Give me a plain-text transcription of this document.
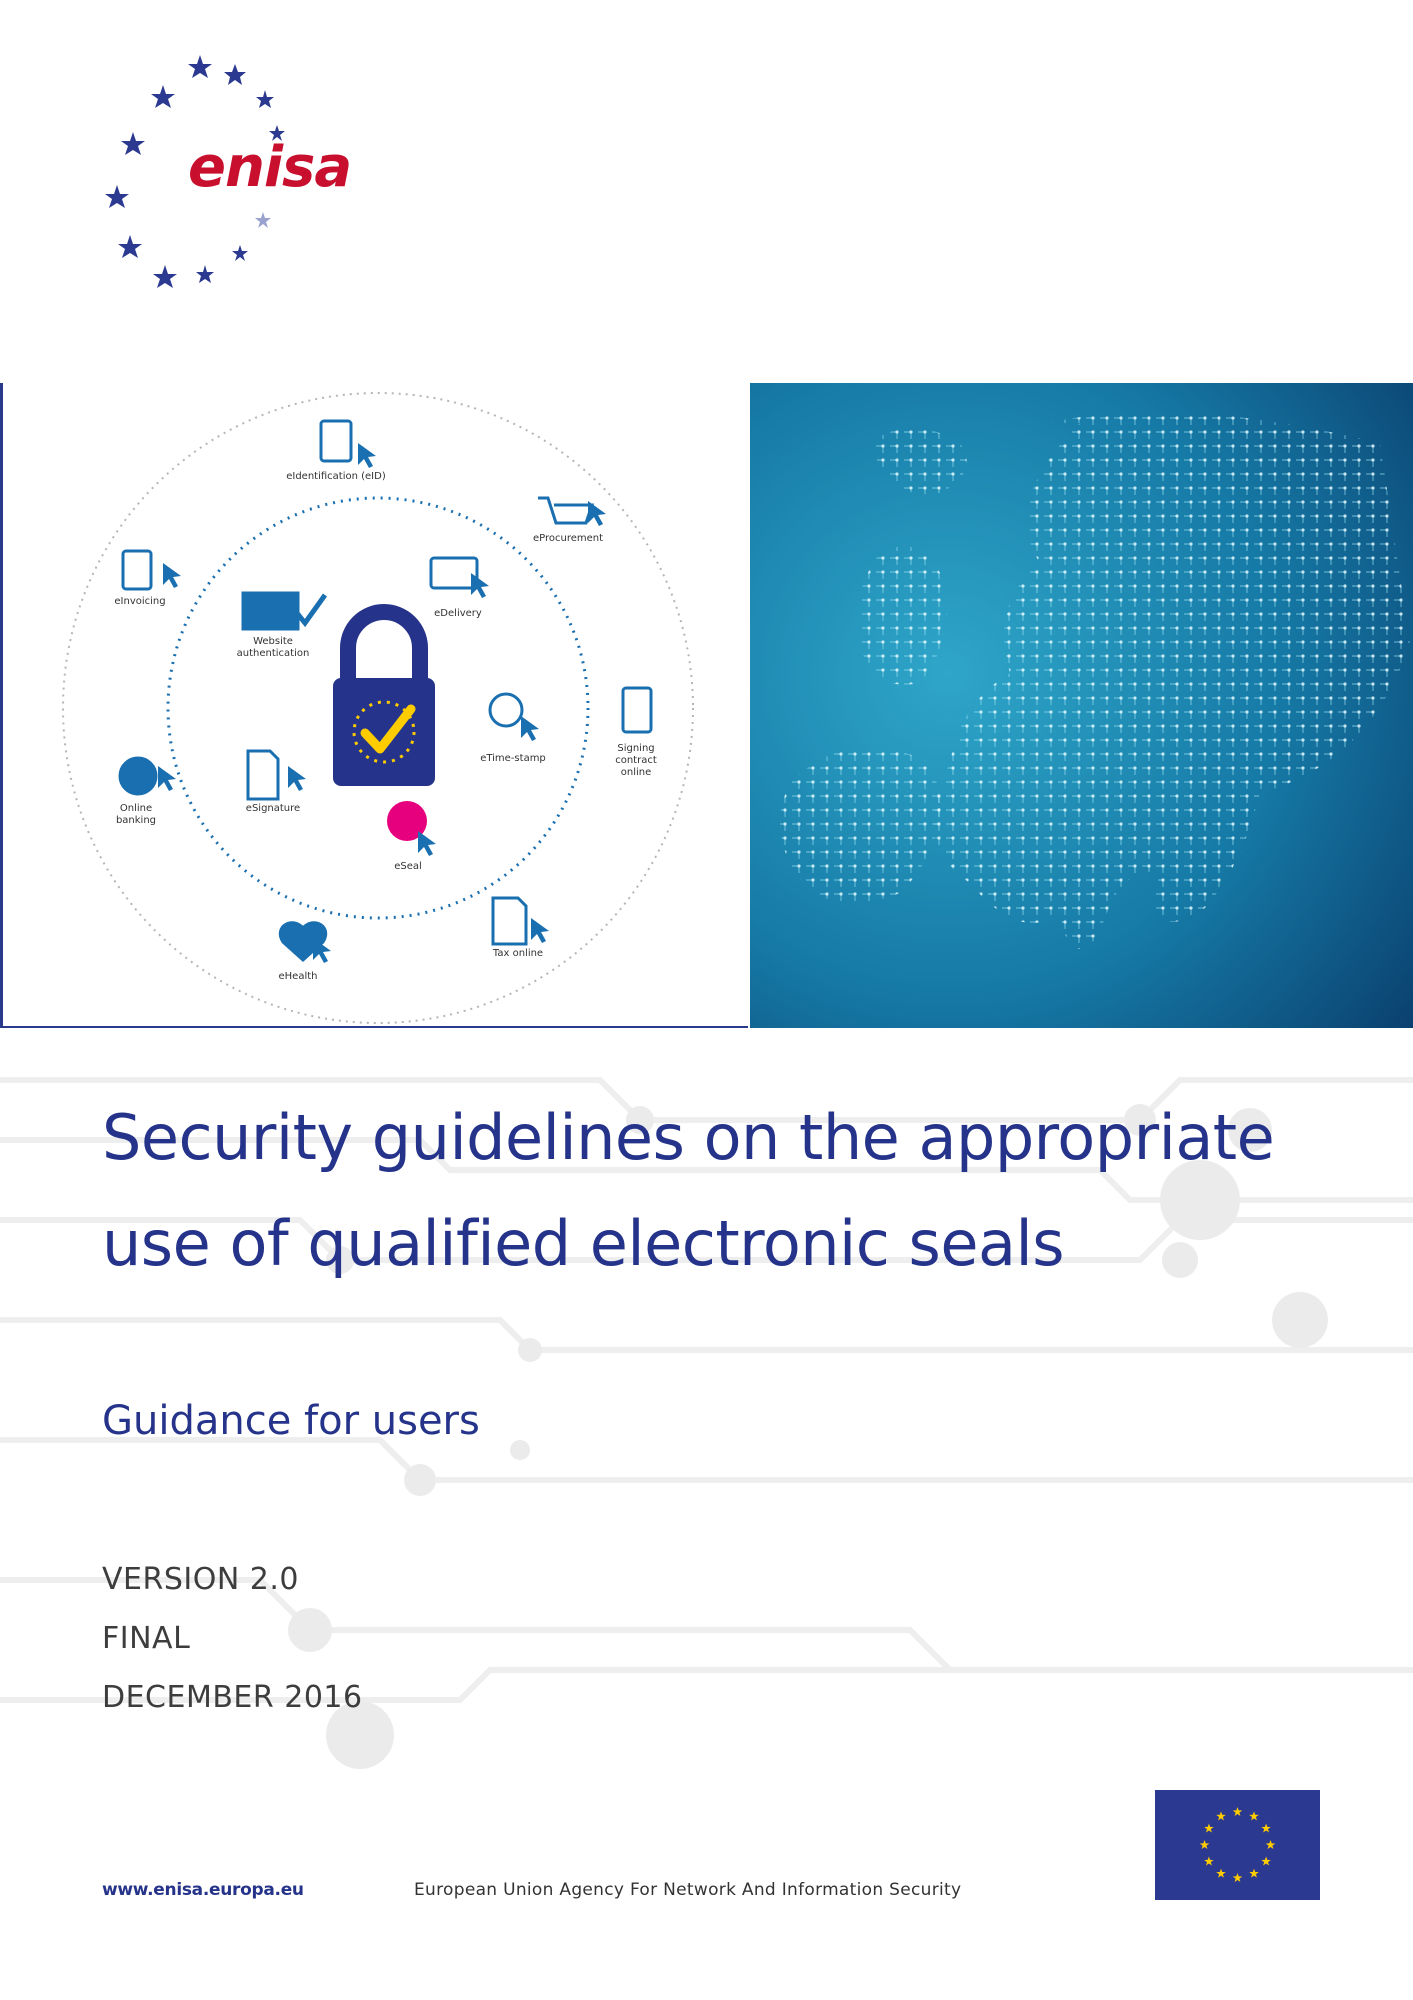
enisa
eIdentification (eID)
eProcurement
eInvoicing
eDelivery
Website
authentication
eTime-stamp
Signing
contract
online
Online
banking
eSignature
eSeal
Tax online
eHealth
Security guidelines on the appropriate use of qualified electronic seals
Guidance for users
VERSION 2.0
FINAL
DECEMBER 2016
www.enisa.europa.eu	European Union Agency For Network And Information Security
